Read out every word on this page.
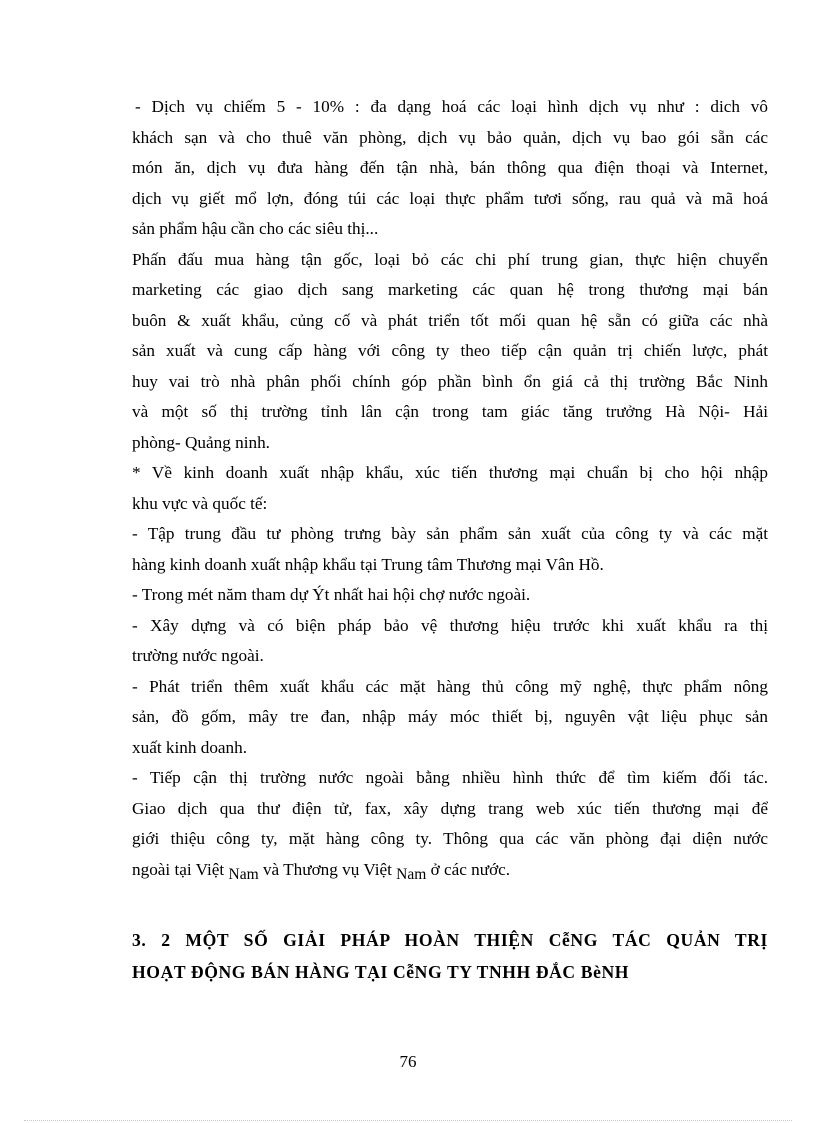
- Dịch vụ chiếm 5 - 10% : đa dạng hoá các loại hình dịch vụ như : dich vô
khách sạn và cho thuê văn phòng, dịch vụ bảo quản, dịch vụ bao gói sẵn các
món ăn, dịch vụ đưa hàng đến tận nhà, bán thông qua điện thoại và Internet,
dịch vụ giết mổ lợn, đóng túi các loại thực phẩm tươi sống, rau quả và mã hoá
sản phẩm hậu cần cho các siêu thị...
Phấn đấu mua hàng tận gốc, loại bỏ các chi phí trung gian, thực hiện chuyển
marketing các giao dịch sang marketing các quan hệ trong thương mại bán
buôn & xuất khẩu, củng cố và phát triển tốt mối quan hệ sẵn có giữa các nhà
sản xuất và cung cấp hàng với công ty theo tiếp cận quản trị chiến lược, phát
huy vai trò nhà phân phối chính góp phần bình ổn giá cả thị trường Bắc Ninh
và một số thị trường tỉnh lân cận trong tam giác tăng trưởng Hà Nội- Hải
phòng- Quảng ninh.
* Về kinh doanh xuất nhập khẩu, xúc tiến thương mại chuẩn bị cho hội nhập
khu vực và quốc tế:
- Tập trung đầu tư phòng trưng bày sản phẩm sản xuất của công ty và các mặt
hàng kinh doanh xuất nhập khẩu tại Trung tâm Thương mại Vân Hồ.
- Trong mét năm tham dự Ýt nhất hai hội chợ nước ngoài.
- Xây dựng và có biện pháp bảo vệ thương hiệu trước khi xuất khẩu ra thị
trường nước ngoài.
- Phát triển thêm xuất khẩu các mặt hàng thủ công mỹ nghệ, thực phẩm nông
sản, đồ gốm, mây tre đan, nhập máy móc thiết bị, nguyên vật liệu phục sản
xuất kinh doanh.
- Tiếp cận thị trường nước ngoài bằng nhiều hình thức để tìm kiếm đối tác.
Giao dịch qua thư điện tử, fax, xây dựng trang web xúc tiến thương mại để
giới thiệu công ty, mặt hàng công ty. Thông qua các văn phòng đại diện nước
ngoài tại Việt Nam và Thương vụ Việt Nam ở các nước.
3. 2 MỘT SỐ GIẢI PHÁP HOÀN THIỆN CễNG TÁC QUẢN TRỊ
HOẠT ĐỘNG BÁN HÀNG TẠI CễNG TY TNHH ĐẮC BèNH
76
